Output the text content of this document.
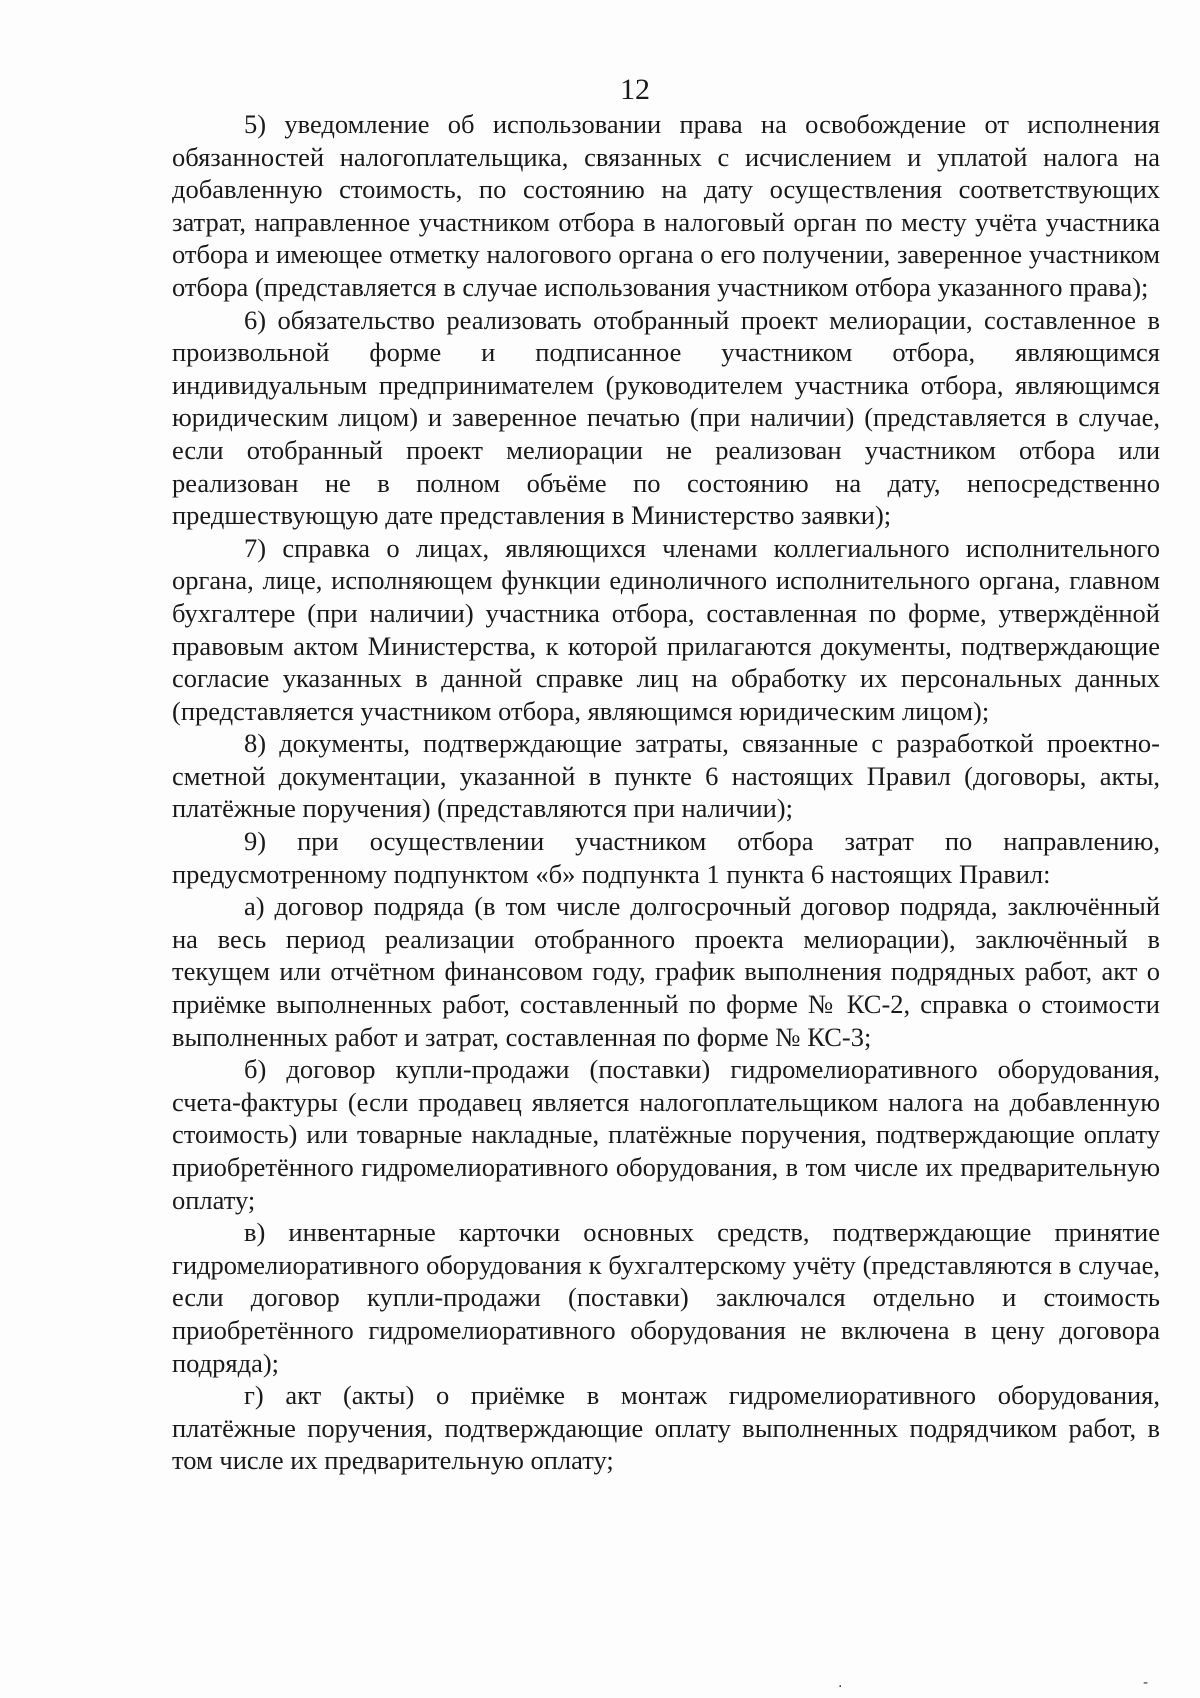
12

5) уведомление об использовании права на освобождение от исполнения обязанностей налогоплательщика, связанных с исчислением и уплатой налога на добавленную стоимость, по состоянию на дату осуществления соответствующих затрат, направленное участником отбора в налоговый орган по месту учёта участника отбора и имеющее отметку налогового органа о его получении, заверенное участником отбора (представляется в случае использования участником отбора указанного права);

6) обязательство реализовать отобранный проект мелиорации, составленное в произвольной форме и подписанное участником отбора, являющимся индивидуальным предпринимателем (руководителем участника отбора, являющимся юридическим лицом) и заверенное печатью (при наличии) (представляется в случае, если отобранный проект мелиорации не реализован участником отбора или реализован не в полном объёме по состоянию на дату, непосредственно предшествующую дате представления в Министерство заявки);

7) справка о лицах, являющихся членами коллегиального исполнительного органа, лице, исполняющем функции единоличного исполнительного органа, главном бухгалтере (при наличии) участника отбора, составленная по форме, утверждённой правовым актом Министерства, к которой прилагаются документы, подтверждающие согласие указанных в данной справке лиц на обработку их персональных данных (представляется участником отбора, являющимся юридическим лицом);

8) документы, подтверждающие затраты, связанные с разработкой проектно-сметной документации, указанной в пункте 6 настоящих Правил (договоры, акты, платёжные поручения) (представляются при наличии);

9) при осуществлении участником отбора затрат по направлению, предусмотренному подпунктом «б» подпункта 1 пункта 6 настоящих Правил:

а) договор подряда (в том числе долгосрочный договор подряда, заключённый на весь период реализации отобранного проекта мелиорации), заключённый в текущем или отчётном финансовом году, график выполнения подрядных работ, акт о приёмке выполненных работ, составленный по форме № КС-2, справка о стоимости выполненных работ и затрат, составленная по форме № КС-3;

б) договор купли-продажи (поставки) гидромелиоративного оборудования, счета-фактуры (если продавец является налогоплательщиком налога на добавленную стоимость) или товарные накладные, платёжные поручения, подтверждающие оплату приобретённого гидромелиоративного оборудования, в том числе их предварительную оплату;

в) инвентарные карточки основных средств, подтверждающие принятие гидромелиоративного оборудования к бухгалтерскому учёту (представляются в случае, если договор купли-продажи (поставки) заключался отдельно и стоимость приобретённого гидромелиоративного оборудования не включена в цену договора подряда);

г) акт (акты) о приёмке в монтаж гидромелиоративного оборудования, платёжные поручения, подтверждающие оплату выполненных подрядчиком работ, в том числе их предварительную оплату;

.	-
